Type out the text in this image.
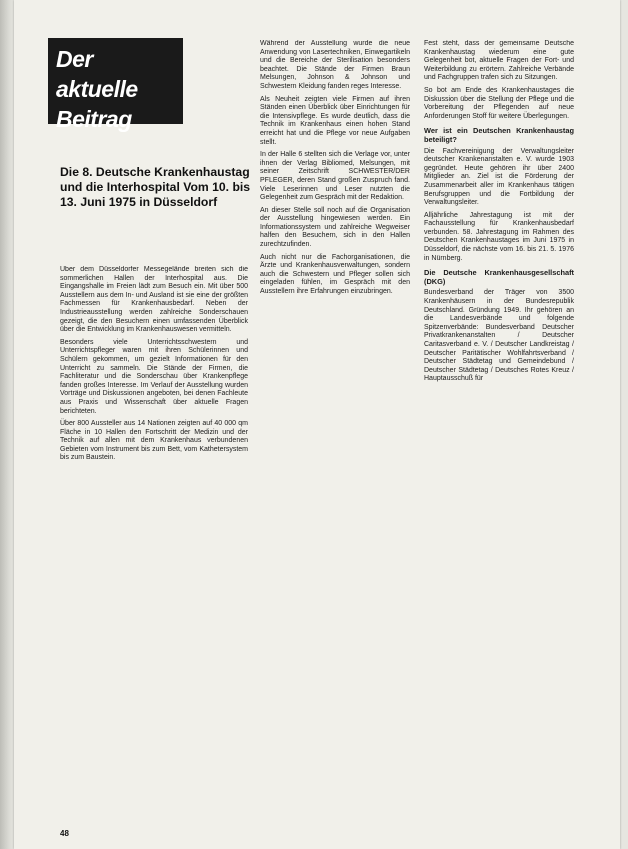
Der aktuelle
Beitrag
Die 8. Deutsche Krankenhaustag und die Interhospital Vom 10. bis 13. Juni 1975 in Düsseldorf

Über dem Düsseldorfer Messegelände breiten sich die sommerlichen Hallen der Interhospital aus. Die Eingangshalle im Freien lädt zum Besuch ein. Mit über 500 Ausstellern aus dem In- und Ausland ist sie eine der größten Fachmessen für Krankenhausbedarf. Neben der Industrieausstellung werden zahlreiche Sonderschauen gezeigt, die den Besuchern einen umfassenden Überblick über die Entwicklung im Krankenhauswesen vermitteln.

Besonders viele Unterrichtsschwestern und Unterrichtspfleger waren mit ihren Schülerinnen und Schülern gekommen, um gezielt Informationen für den Unterricht zu sammeln. Die Stände der Firmen, die Fachliteratur und die Sonderschau über Krankenpflege fanden großes Interesse. Im Verlauf der Ausstellung wurden Vorträge und Diskussionen angeboten, bei denen Fachleute aus Praxis und Wissenschaft über aktuelle Fragen berichteten.

Über 800 Aussteller aus 14 Nationen zeigten auf 40 000 qm Fläche in 10 Hallen den Fortschritt der Medizin und der Technik auf allen mit dem Krankenhaus verbundenen Gebieten vom Instrument bis zum Bett, vom Kathetersystem bis zum Baustein.

Während der Ausstellung wurde die neue Anwendung von Lasertechniken, Einwegartikeln und die Bereiche der Sterilisation besonders beachtet. Die Stände der Firmen Braun Melsungen, Johnson & Johnson und Schwestern Kleidung fanden reges Interesse.

Als Neuheit zeigten viele Firmen auf ihren Ständen einen Überblick über Einrichtungen für die Intensivpflege. Es wurde deutlich, dass die Technik im Krankenhaus einen hohen Stand erreicht hat und die Pflege vor neue Aufgaben stellt.

In der Halle 6 stellten sich die Verlage vor, unter ihnen der Verlag Bibliomed, Melsungen, mit seiner Zeitschrift SCHWESTER/DER PFLEGER, deren Stand großen Zuspruch fand. Viele Leserinnen und Leser nutzten die Gelegenheit zum Gespräch mit der Redaktion.

An dieser Stelle soll noch auf die Organisation der Ausstellung hingewiesen werden. Ein Informationssystem und zahlreiche Wegweiser halfen den Besuchern, sich in den Hallen zurechtzufinden.

Auch nicht nur die Fachorganisationen, die Ärzte und Krankenhausverwaltungen, sondern auch die Schwestern und Pfleger sollen sich eingeladen fühlen, im Gespräch mit den Ausstellern ihre Erfahrungen einzubringen.

Fest steht, dass der gemeinsame Deutsche Krankenhaustag wiederum eine gute Gelegenheit bot, aktuelle Fragen der Fort- und Weiterbildung zu erörtern. Zahlreiche Verbände und Fachgruppen trafen sich zu Sitzungen.

So bot am Ende des Krankenhaustages die Diskussion über die Stellung der Pflege und die Vorbereitung der Pflegenden auf neue Anforderungen Stoff für weitere Überlegungen.

Wer ist ein Deutschen Krankenhaustag beteiligt?

Die Fachvereinigung der Verwaltungsleiter deutscher Krankenanstalten e. V. wurde 1903 gegründet. Heute gehören ihr über 2400 Mitglieder an. Ziel ist die Förderung der Zusammenarbeit aller im Krankenhaus tätigen Berufsgruppen und die Fortbildung der Verwaltungsleiter.

Alljährliche Jahrestagung ist mit der Fachausstellung für Krankenhausbedarf verbunden. 58. Jahrestagung im Rahmen des Deutschen Krankenhaustages im Juni 1975 in Düsseldorf, die nächste vom 16. bis 21. 5. 1976 in Nürnberg.

Die Deutsche Krankenhausgesellschaft (DKG)

Bundesverband der Träger von 3500 Krankenhäusern in der Bundesrepublik Deutschland. Gründung 1949. Ihr gehören an die Landesverbände und folgende Spitzenverbände: Bundesverband Deutscher Privatkrankenanstalten / Deutscher Caritasverband e. V. / Deutscher Landkreistag / Deutscher Paritätischer Wohlfahrtsverband / Deutscher Städtetag und Gemeindebund / Deutscher Städtetag / Deutsches Rotes Kreuz / Hauptausschuß für

48
